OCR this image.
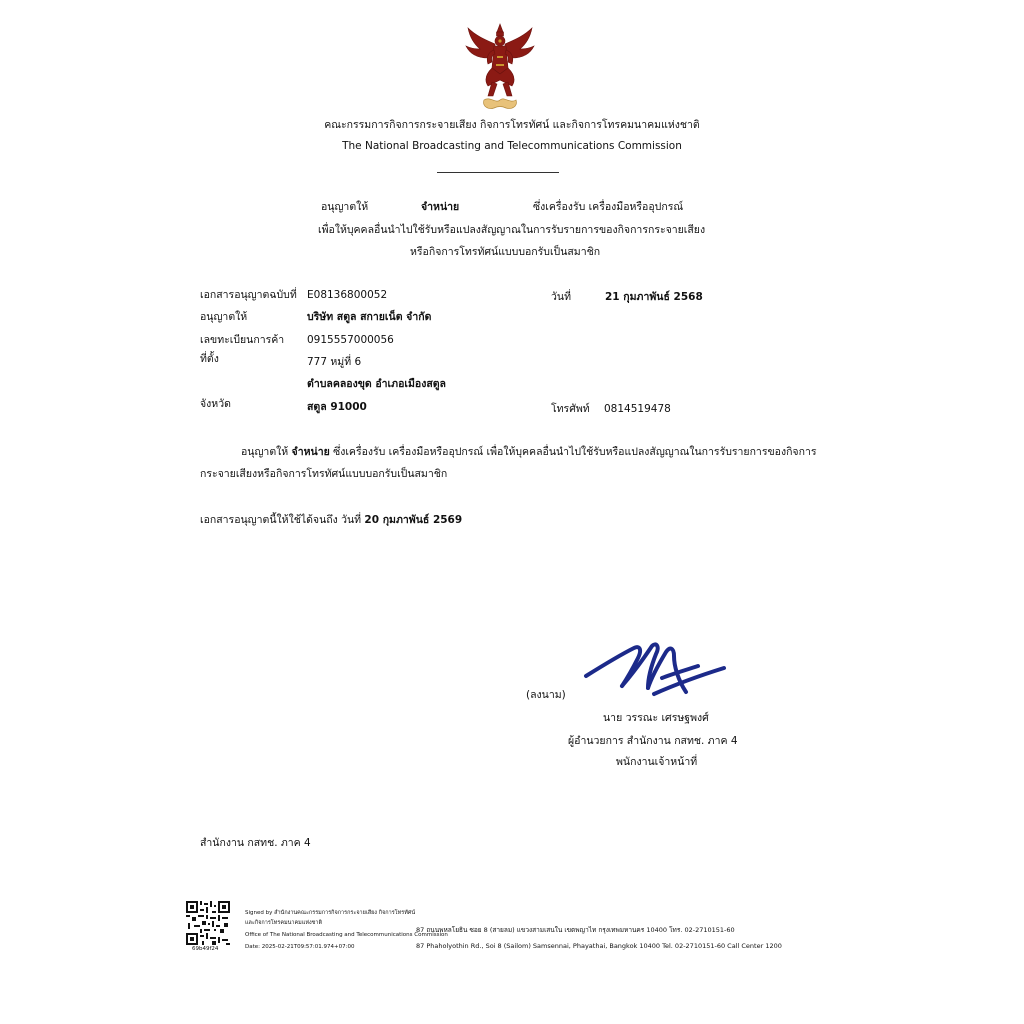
คณะกรรมการกิจการกระจายเสียง กิจการโทรทัศน์ และกิจการโทรคมนาคมแห่งชาติ
The National Broadcasting and Telecommunications Commission
อนุญาตให้	จำหน่าย	ซึ่งเครื่องรับ เครื่องมือหรืออุปกรณ์
เพื่อให้บุคคลอื่นนำไปใช้รับหรือแปลงสัญญาณในการรับรายการของกิจการกระจายเสียง
หรือกิจการโทรทัศน์แบบบอกรับเป็นสมาชิก
เอกสารอนุญาตฉบับที่ E08136800052	วันที่	21 กุมภาพันธ์ 2568
อนุญาตให้	บริษัท สตูล สกายเน็ต จำกัด
เลขทะเบียนการค้า 0915557000056
ที่ตั้ง	777 หมู่ที่ 6
ตำบลคลองขุด อำเภอเมืองสตูล
จังหวัด	สตูล 91000	โทรศัพท์ 0814519478
อนุญาตให้ จำหน่าย ซึ่งเครื่องรับ เครื่องมือหรืออุปกรณ์ เพื่อให้บุคคลอื่นนำไปใช้รับหรือแปลงสัญญาณในการรับรายการของกิจการ
กระจายเสียงหรือกิจการโทรทัศน์แบบบอกรับเป็นสมาชิก
เอกสารอนุญาตนี้ให้ใช้ได้จนถึง วันที่ 20 กุมภาพันธ์ 2569
(ลงนาม)
นาย วรรณะ เศรษฐพงศ์
ผู้อำนวยการ สำนักงาน กสทช. ภาค 4
พนักงานเจ้าหน้าที่
สำนักงาน กสทช. ภาค 4
69b49f24
Signed by สำนักงานคณะกรรมการกิจการกระจายเสียง กิจการโทรทัศน์
และกิจการโทรคมนาคมแห่งชาติ
Office of The National Broadcasting and Telecommunications Commission
Date: 2025-02-21T09:57:01.974+07:00
87 ถนนพหลโยธิน ซอย 8 (สายลม) แขวงสามเสนใน เขตพญาไท กรุงเทพมหานคร 10400 โทร. 02-2710151-60
87 Phaholyothin Rd., Soi 8 (Sailom) Samsennai, Phayathai, Bangkok 10400 Tel. 02-2710151-60 Call Center 1200
